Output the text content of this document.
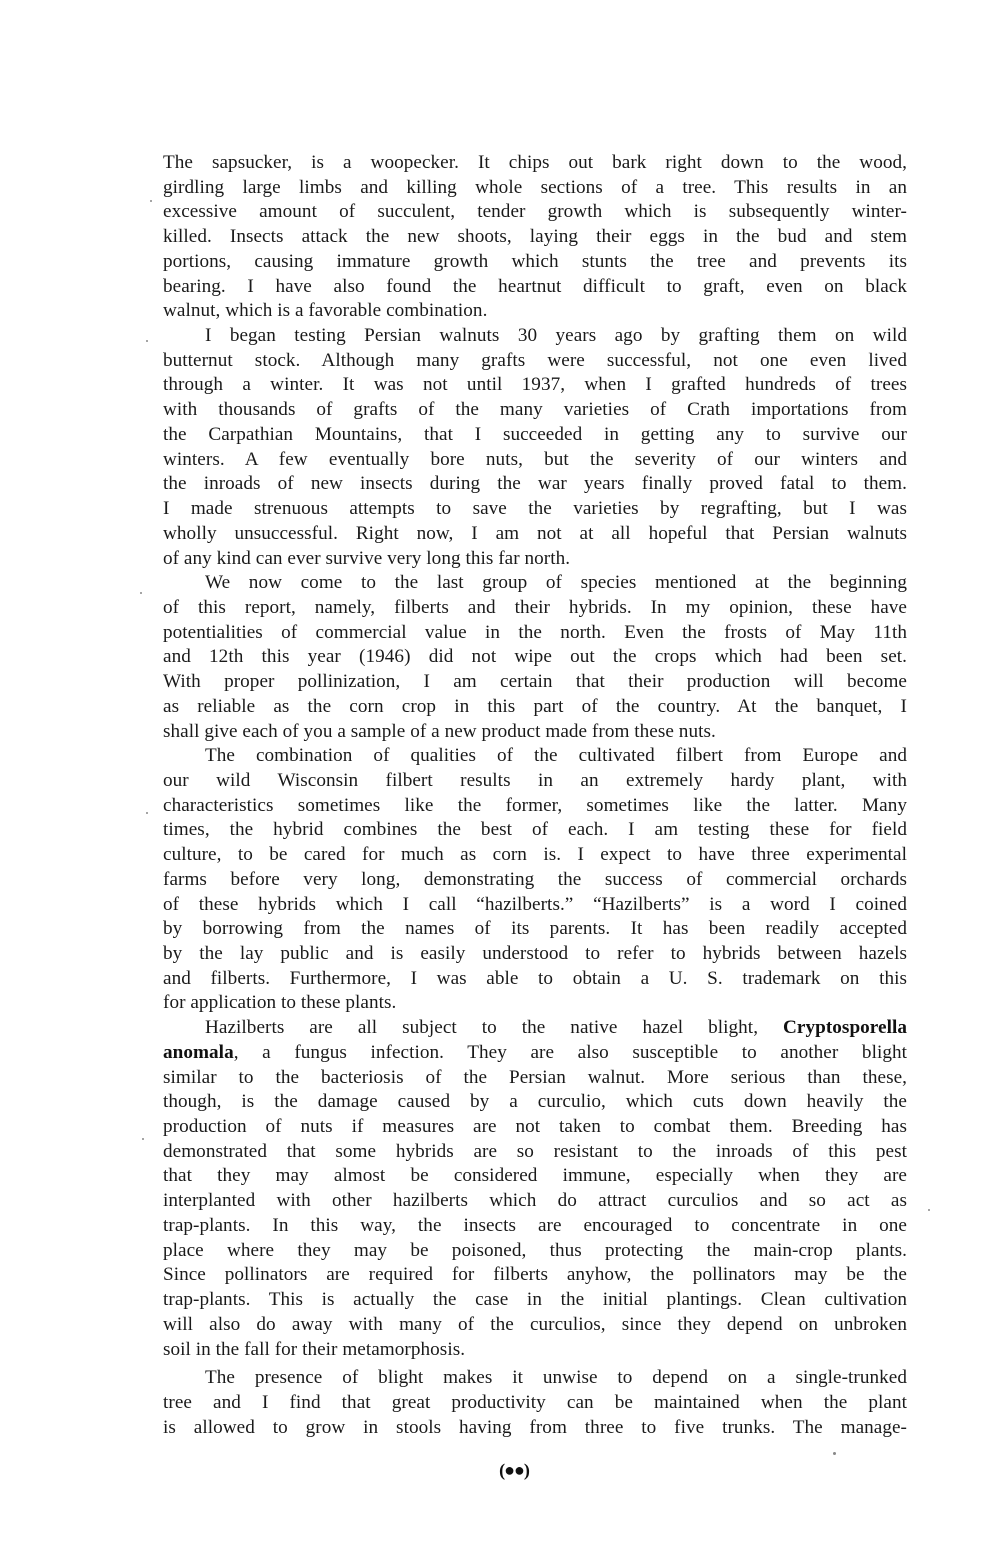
The sapsucker, is a woopecker. It chips out bark right down to the wood,
girdling large limbs and killing whole sections of a tree. This results in an
excessive amount of succulent, tender growth which is subsequently winter-
killed. Insects attack the new shoots, laying their eggs in the bud and stem
portions, causing immature growth which stunts the tree and prevents its
bearing. I have also found the heartnut difficult to graft, even on black
walnut, which is a favorable combination.
I began testing Persian walnuts 30 years ago by grafting them on wild
butternut stock. Although many grafts were successful, not one even lived
through a winter. It was not until 1937, when I grafted hundreds of trees
with thousands of grafts of the many varieties of Crath importations from
the Carpathian Mountains, that I succeeded in getting any to survive our
winters. A few eventually bore nuts, but the severity of our winters and
the inroads of new insects during the war years finally proved fatal to them.
I made strenuous attempts to save the varieties by regrafting, but I was
wholly unsuccessful. Right now, I am not at all hopeful that Persian walnuts
of any kind can ever survive very long this far north.
We now come to the last group of species mentioned at the beginning
of this report, namely, filberts and their hybrids. In my opinion, these have
potentialities of commercial value in the north. Even the frosts of May 11th
and 12th this year (1946) did not wipe out the crops which had been set.
With proper pollinization, I am certain that their production will become
as reliable as the corn crop in this part of the country. At the banquet, I
shall give each of you a sample of a new product made from these nuts.
The combination of qualities of the cultivated filbert from Europe and
our wild Wisconsin filbert results in an extremely hardy plant, with
characteristics sometimes like the former, sometimes like the latter. Many
times, the hybrid combines the best of each. I am testing these for field
culture, to be cared for much as corn is. I expect to have three experimental
farms before very long, demonstrating the success of commercial orchards
of these hybrids which I call “hazilberts.” “Hazilberts” is a word I coined
by borrowing from the names of its parents. It has been readily accepted
by the lay public and is easily understood to refer to hybrids between hazels
and filberts. Furthermore, I was able to obtain a U. S. trademark on this
for application to these plants.
Hazilberts are all subject to the native hazel blight, Cryptosporella
anomala, a fungus infection. They are also susceptible to another blight
similar to the bacteriosis of the Persian walnut. More serious than these,
though, is the damage caused by a curculio, which cuts down heavily the
production of nuts if measures are not taken to combat them. Breeding has
demonstrated that some hybrids are so resistant to the inroads of this pest
that they may almost be considered immune, especially when they are
interplanted with other hazilberts which do attract curculios and so act as
trap-plants. In this way, the insects are encouraged to concentrate in one
place where they may be poisoned, thus protecting the main-crop plants.
Since pollinators are required for filberts anyhow, the pollinators may be the
trap-plants. This is actually the case in the initial plantings. Clean cultivation
will also do away with many of the curculios, since they depend on unbroken
soil in the fall for their metamorphosis.
The presence of blight makes it unwise to depend on a single-trunked
tree and I find that great productivity can be maintained when the plant
is allowed to grow in stools having from three to five trunks. The manage-
(●●)
